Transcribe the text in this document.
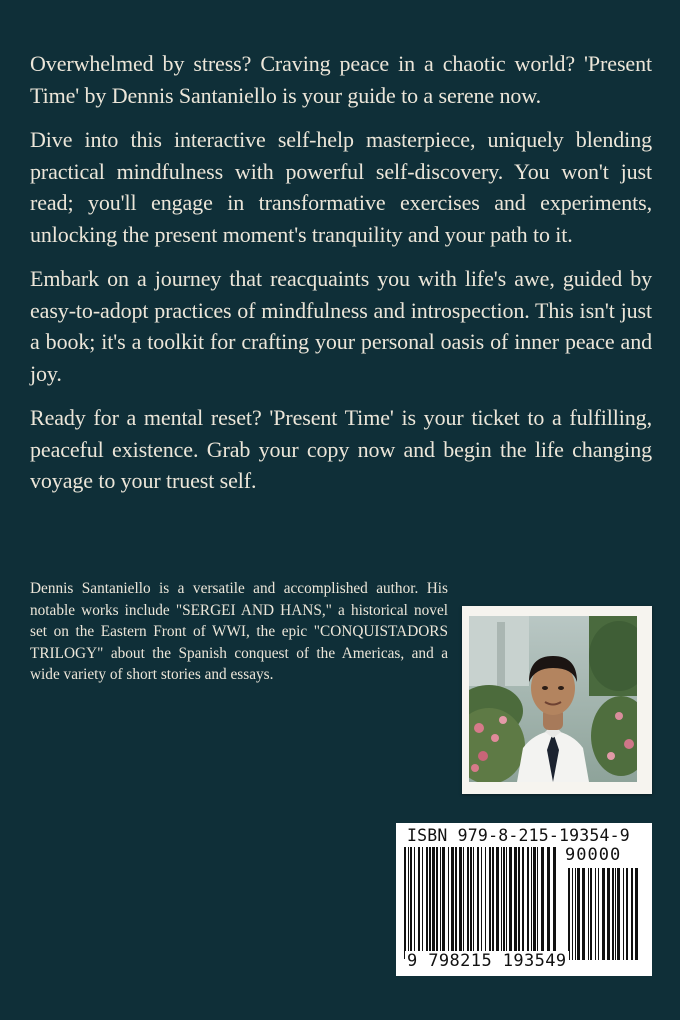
Overwhelmed by stress? Craving peace in a chaotic world? 'Present Time' by Dennis Santaniello is your guide to a serene now.

Dive into this interactive self-help masterpiece, uniquely blending practical mindfulness with powerful self-discovery. You won't just read; you'll engage in transformative exercises and experiments, unlocking the present moment's tranquility and your path to it.

Embark on a journey that reacquaints you with life's awe, guided by easy-to-adopt practices of mindfulness and introspection. This isn't just a book; it's a toolkit for crafting your personal oasis of inner peace and joy.

Ready for a mental reset? 'Present Time' is your ticket to a fulfilling, peaceful existence. Grab your copy now and begin the life changing voyage to your truest self.

Dennis Santaniello is a versatile and accomplished author. His notable works include "SERGEI AND HANS," a historical novel set on the Eastern Front of WWI, the epic "CONQUISTADORS TRILOGY" about the Spanish conquest of the Americas, and a wide variety of short stories and essays.

ISBN 979-8-215-19354-9
90000
9 798215 193549
